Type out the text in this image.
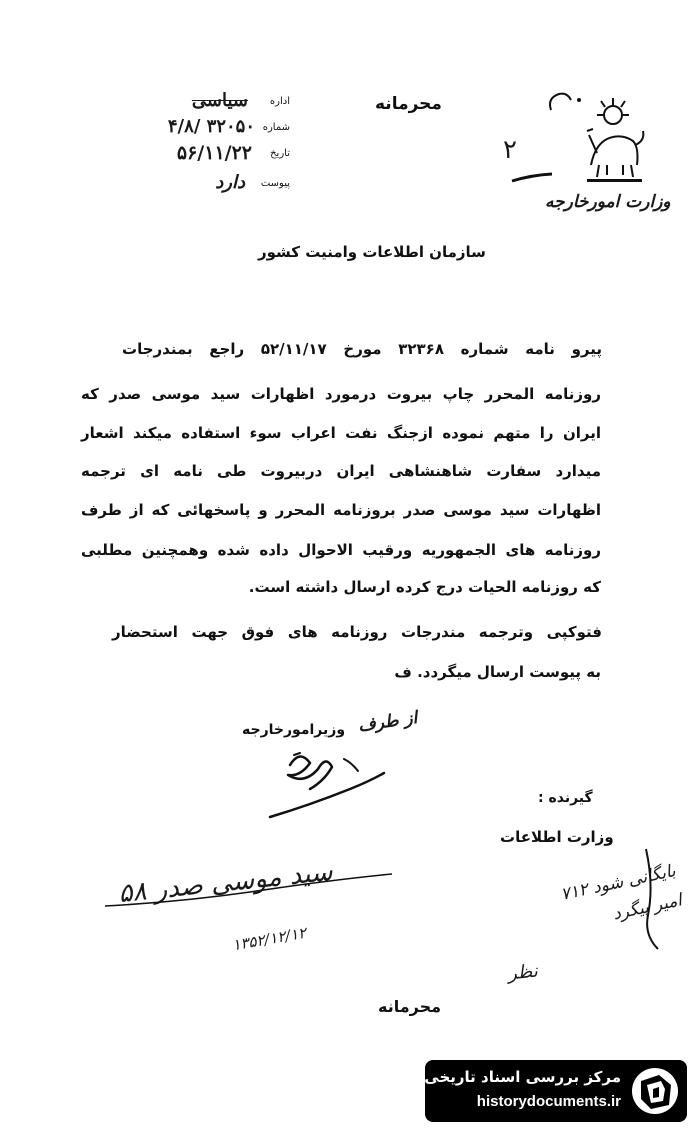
محرمانه
وزارت امورخارجه
۲
اداره
سیاسی
شماره
۳۲۰۵۰ /۴/۸
تاریخ
۵۶/۱۱/۲۲
پیوست
دارد
سازمان اطلاعات وامنیت کشور
پیرو نامه شماره ۳۲۳۶۸ مورخ ۵۲/۱۱/۱۷ راجع بمندرجات
روزنامه المحرر چاپ بیروت درمورد اظهارات سید موسی صدر که
ایران را متهم نموده ازجنگ نفت اعراب سوء استفاده میکند اشعار
میدارد سفارت شاهنشاهی ایران دربیروت طی نامه ای ترجمه
اظهارات سید موسی صدر بروزنامه المحرر و پاسخهائی که از طرف
روزنامه های الجمهوریه ورقیب الاحوال داده شده وهمچنین مطلبی
که روزنامه الحیات درج کرده ارسال داشته است.
فتوکپی وترجمه مندرجات روزنامه های فوق جهت استحضار
به پیوست ارسال میگردد. ف
وزیرامورخارجه از طرف
گیرنده :
وزارت اطلاعات
سید موسی صدر ۵۸
۱۳۵۲/۱۲/۱۲
بایگانی شود ۷۱۲ امیر پیگرد
نظر
محرمانه
مرکز بررسی اسناد تاریخی
historydocuments.ir
